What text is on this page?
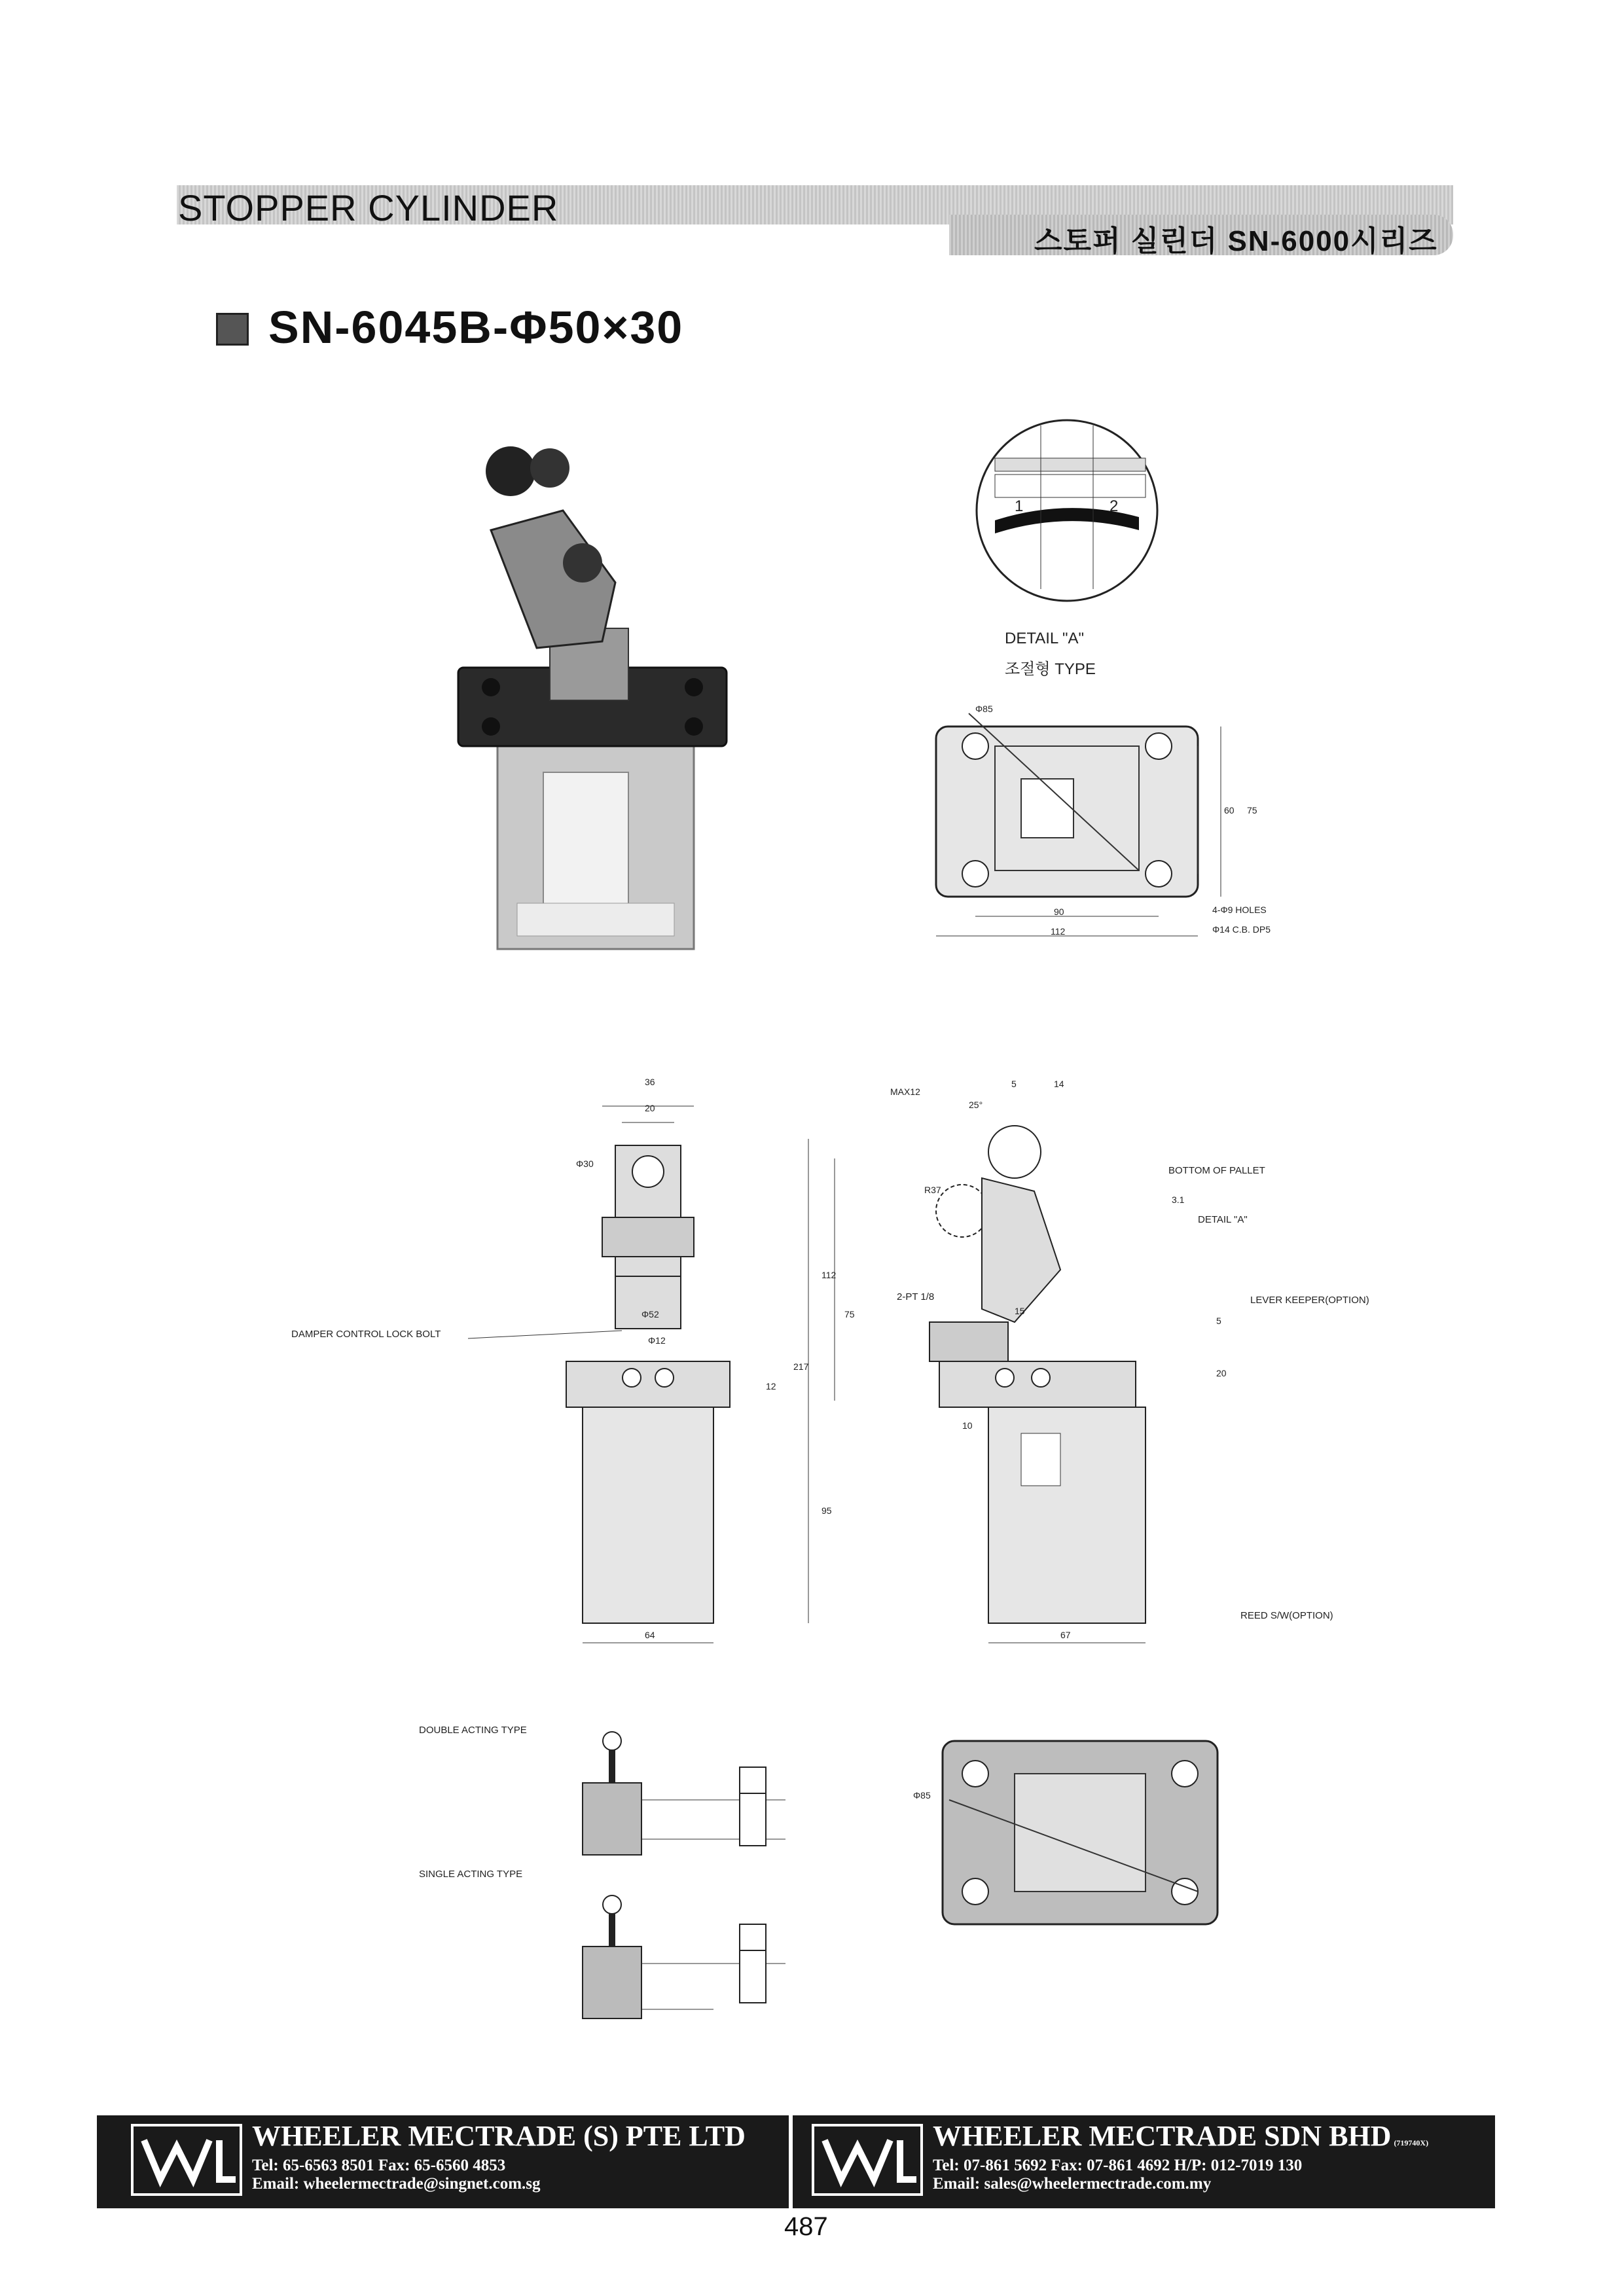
STOPPER CYLINDER
스토퍼 실린더 SN-6000시리즈
SN-6045B-Φ50×30
1	2
DETAIL "A"
조절형 TYPE
Φ85
90
112
60 75
4-Φ9 HOLES
Φ14 C.B. DP5
36
20
Φ30
Φ52
Φ12
12
64
DAMPER CONTROL LOCK BOLT
MAX12
25°
5	14
R37
112
75
217
95
10
15
3.1
5
20
67
2-PT 1/8
BOTTOM OF PALLET
DETAIL "A"
LEVER KEEPER(OPTION)
REED S/W(OPTION)
DOUBLE ACTING TYPE
SINGLE ACTING TYPE
Φ85
WHEELER MECTRADE (S) PTE LTD
Tel: 65-6563 8501 Fax: 65-6560 4853
Email: wheelermectrade@singnet.com.sg
WHEELER MECTRADE SDN BHD (719740X)
Tel: 07-861 5692 Fax: 07-861 4692 H/P: 012-7019 130
Email: sales@wheelermectrade.com.my
487
